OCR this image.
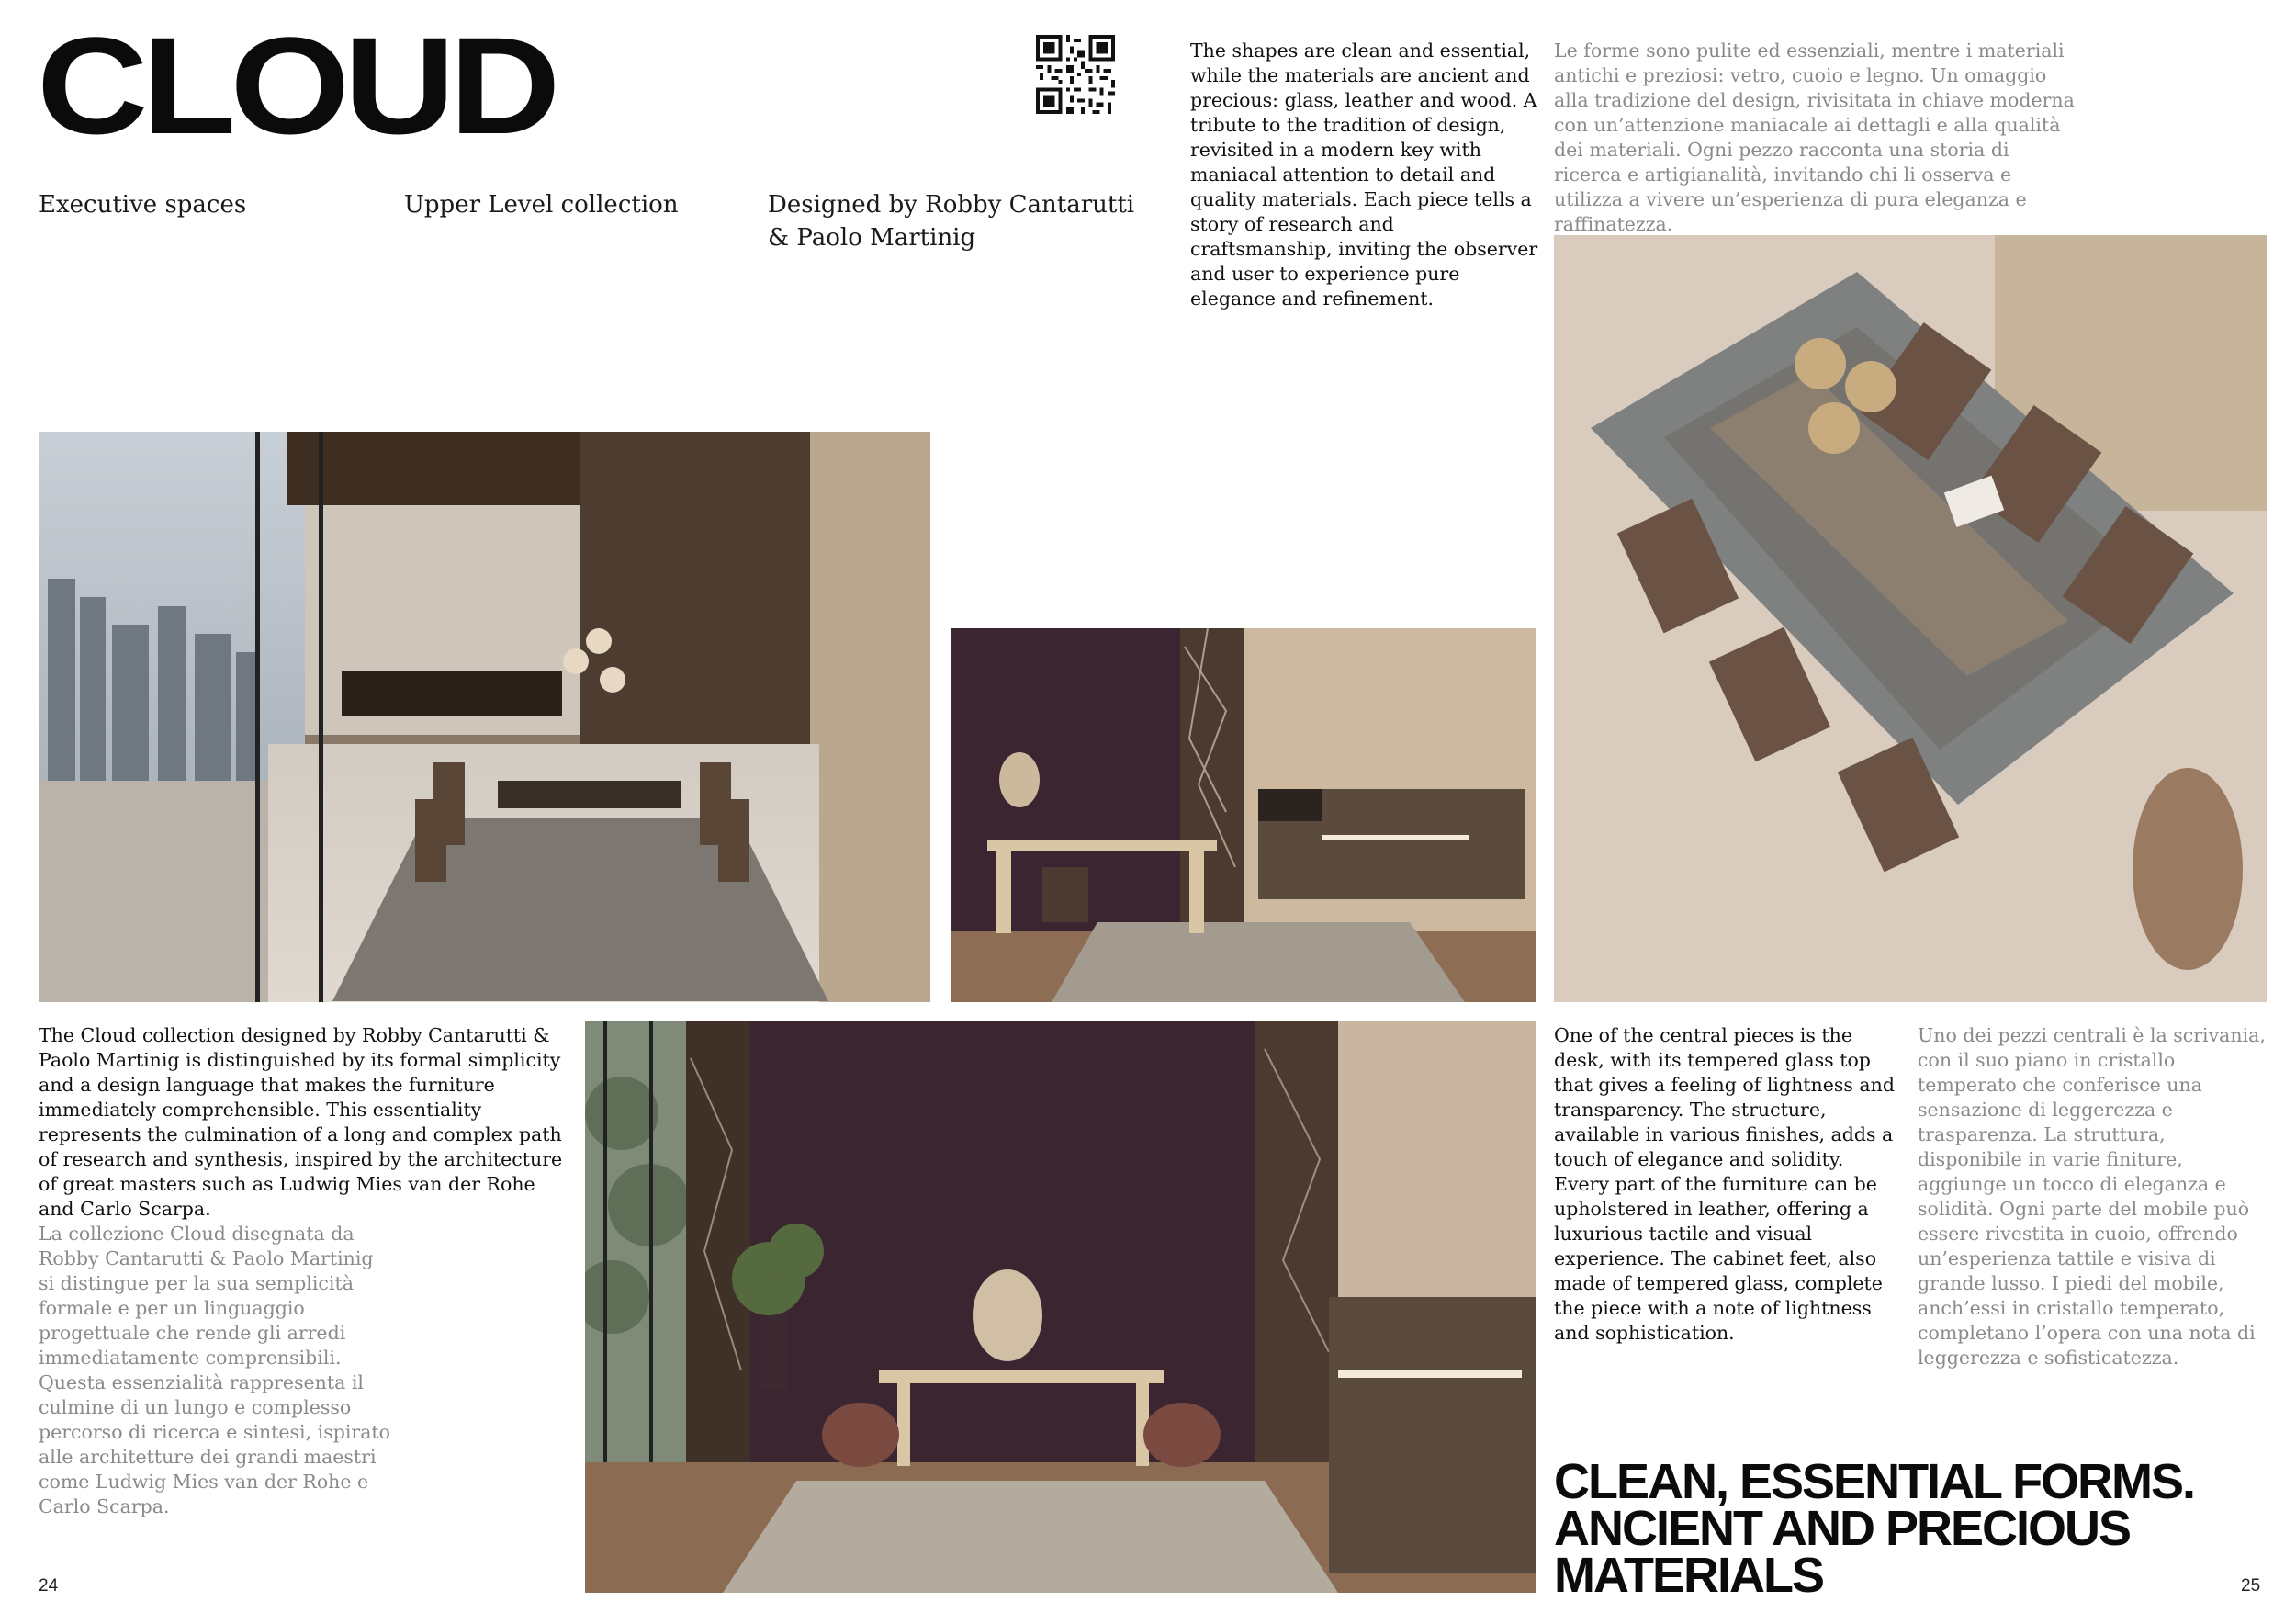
CLOUD
Executive spaces	Upper Level collection	Designed by Robby Cantarutti
& Paolo Martinig
The shapes are clean and essential, while the materials are ancient and precious: glass, leather and wood. A tribute to the tradition of design, revisited in a modern key with maniacal attention to detail and quality materials. Each piece tells a story of research and craftsmanship, inviting the observer and user to experience pure elegance and refinement.
Le forme sono pulite ed essenziali, mentre i materiali antichi e preziosi: vetro, cuoio e legno. Un omaggio alla tradizione del design, rivisitata in chiave moderna con un’attenzione maniacale ai dettagli e alla qualità dei materiali. Ogni pezzo racconta una storia di ricerca e artigianalità, invitando chi li osserva e utilizza a vivere un’esperienza di pura eleganza e raffinatezza.
The Cloud collection designed by Robby Cantarutti & Paolo Martinig is distinguished by its formal simplicity and a design language that makes the furniture immediately comprehensible. This essentiality represents the culmination of a long and complex path of research and synthesis, inspired by the architecture of great masters such as Ludwig Mies van der Rohe and Carlo Scarpa.
La collezione Cloud disegnata da Robby Cantarutti & Paolo Martinig si distingue per la sua semplicità formale e per un linguaggio progettuale che rende gli arredi immediatamente comprensibili. Questa essenzialità rappresenta il culmine di un lungo e complesso percorso di ricerca e sintesi, ispirato alle architetture dei grandi maestri come Ludwig Mies van der Rohe e Carlo Scarpa.
One of the central pieces is the desk, with its tempered glass top that gives a feeling of lightness and transparency. The structure, available in various finishes, adds a touch of elegance and solidity. Every part of the furniture can be upholstered in leather, offering a luxurious tactile and visual experience. The cabinet feet, also made of tempered glass, complete the piece with a note of lightness and sophistication.
Uno dei pezzi centrali è la scrivania, con il suo piano in cristallo temperato che conferisce una sensazione di leggerezza e trasparenza. La struttura, disponibile in varie finiture, aggiunge un tocco di eleganza e solidità. Ogni parte del mobile può essere rivestita in cuoio, offrendo un’esperienza tattile e visiva di grande lusso. I piedi del mobile, anch’essi in cristallo temperato, completano l’opera con una nota di leggerezza e sofisticatezza.
CLEAN, ESSENTIAL FORMS.
ANCIENT AND PRECIOUS
MATERIALS
24	25
